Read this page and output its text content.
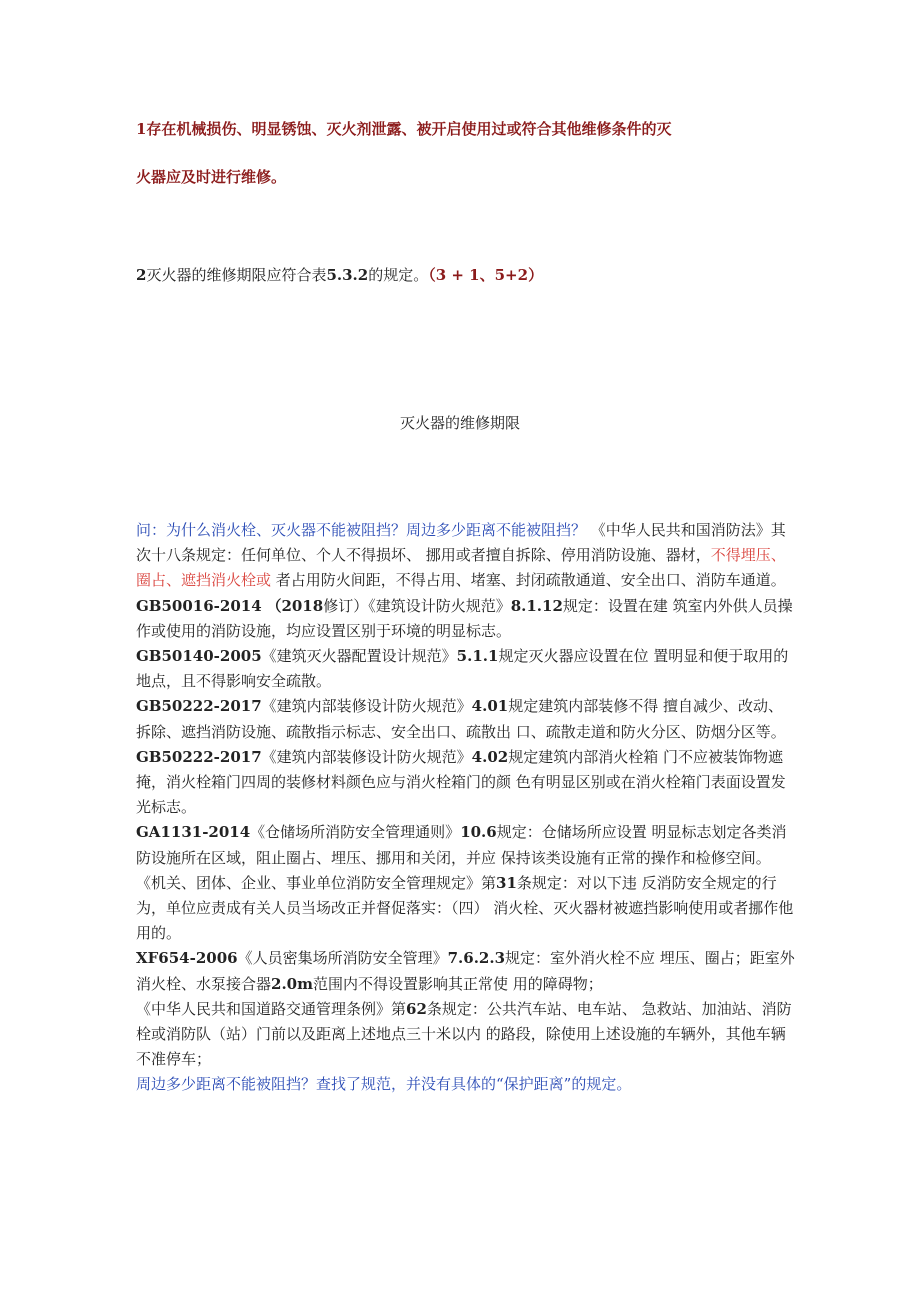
1存在机械损伤、明显锈蚀、灭火剂泄露、被开启使用过或符合其他维修条件的灭
火器应及时进行维修。
2灭火器的维修期限应符合表5.3.2的规定。（3 + 1、5+2）
灭火器的维修期限

问：为什么消火栓、灭火器不能被阻挡？周边多少距离不能被阻挡？ 《中华人民共和国消防法》其次十八条规定：任何单位、个人不得损坏、 挪用或者擅自拆除、停用消防设施、器材，不得埋压、圈占、遮挡消火栓或 者占用防火间距，不得占用、堵塞、封闭疏散通道、安全出口、消防车通道。 GB50016-2014 （2018修订）《建筑设计防火规范》8.1.12规定：设置在建 筑室内外供人员操作或使用的消防设施，均应设置区别于环境的明显标志。

GB50140-2005《建筑灭火器配置设计规范》5.1.1规定灭火器应设置在位 置明显和便于取用的地点，且不得影响安全疏散。

GB50222-2017《建筑内部装修设计防火规范》4.01规定建筑内部装修不得 擅自减少、改动、拆除、遮挡消防设施、疏散指示标志、安全出口、疏散出 口、疏散走道和防火分区、防烟分区等。

GB50222-2017《建筑内部装修设计防火规范》4.02规定建筑内部消火栓箱 门不应被装饰物遮掩，消火栓箱门四周的装修材料颜色应与消火栓箱门的颜 色有明显区别或在消火栓箱门表面设置发光标志。

GA1131-2014《仓储场所消防安全管理通则》10.6规定：仓储场所应设置 明显标志划定各类消防设施所在区域，阻止圈占、埋压、挪用和关闭，并应 保持该类设施有正常的操作和检修空间。

《机关、团体、企业、事业单位消防安全管理规定》第31条规定：对以下违 反消防安全规定的行为，单位应责成有关人员当场改正并督促落实：（四） 消火栓、灭火器材被遮挡影响使用或者挪作他用的。

XF654-2006《人员密集场所消防安全管理》7.6.2.3规定：室外消火栓不应 埋压、圈占；距室外消火栓、水泵接合器2.0m范围内不得设置影响其正常使 用的障碍物；

《中华人民共和国道路交通管理条例》第62条规定：公共汽车站、电车站、 急救站、加油站、消防栓或消防队（站）门前以及距离上述地点三十米以内 的路段，除使用上述设施的车辆外，其他车辆不准停车；

周边多少距离不能被阻挡？查找了规范，并没有具体的“保护距离”的规定。
